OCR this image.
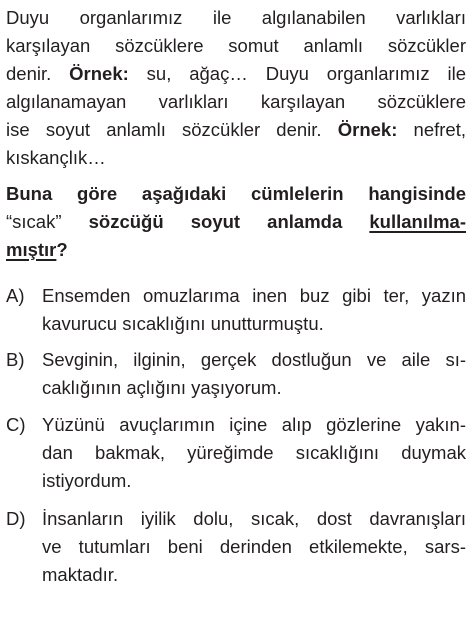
Duyu organlarımız ile algılanabilen varlıkları
karşılayan sözcüklere somut anlamlı sözcükler
denir. Örnek: su, ağaç… Duyu organlarımız ile
algılanamayan varlıkları karşılayan sözcüklere
ise soyut anlamlı sözcükler denir. Örnek: nefret,
kıskançlık…
Buna göre aşağıdaki cümlelerin hangisinde
“sıcak” sözcüğü soyut anlamda kullanılma-
mıştır?
A) Ensemden omuzlarıma inen buz gibi ter, yazın
kavurucu sıcaklığını unutturmuştu.
B) Sevginin, ilginin, gerçek dostluğun ve aile sı-
caklığının açlığını yaşıyorum.
C) Yüzünü avuçlarımın içine alıp gözlerine yakın-
dan bakmak, yüreğimde sıcaklığını duymak
istiyordum.
D) İnsanların iyilik dolu, sıcak, dost davranışları
ve tutumları beni derinden etkilemekte, sars-
maktadır.
